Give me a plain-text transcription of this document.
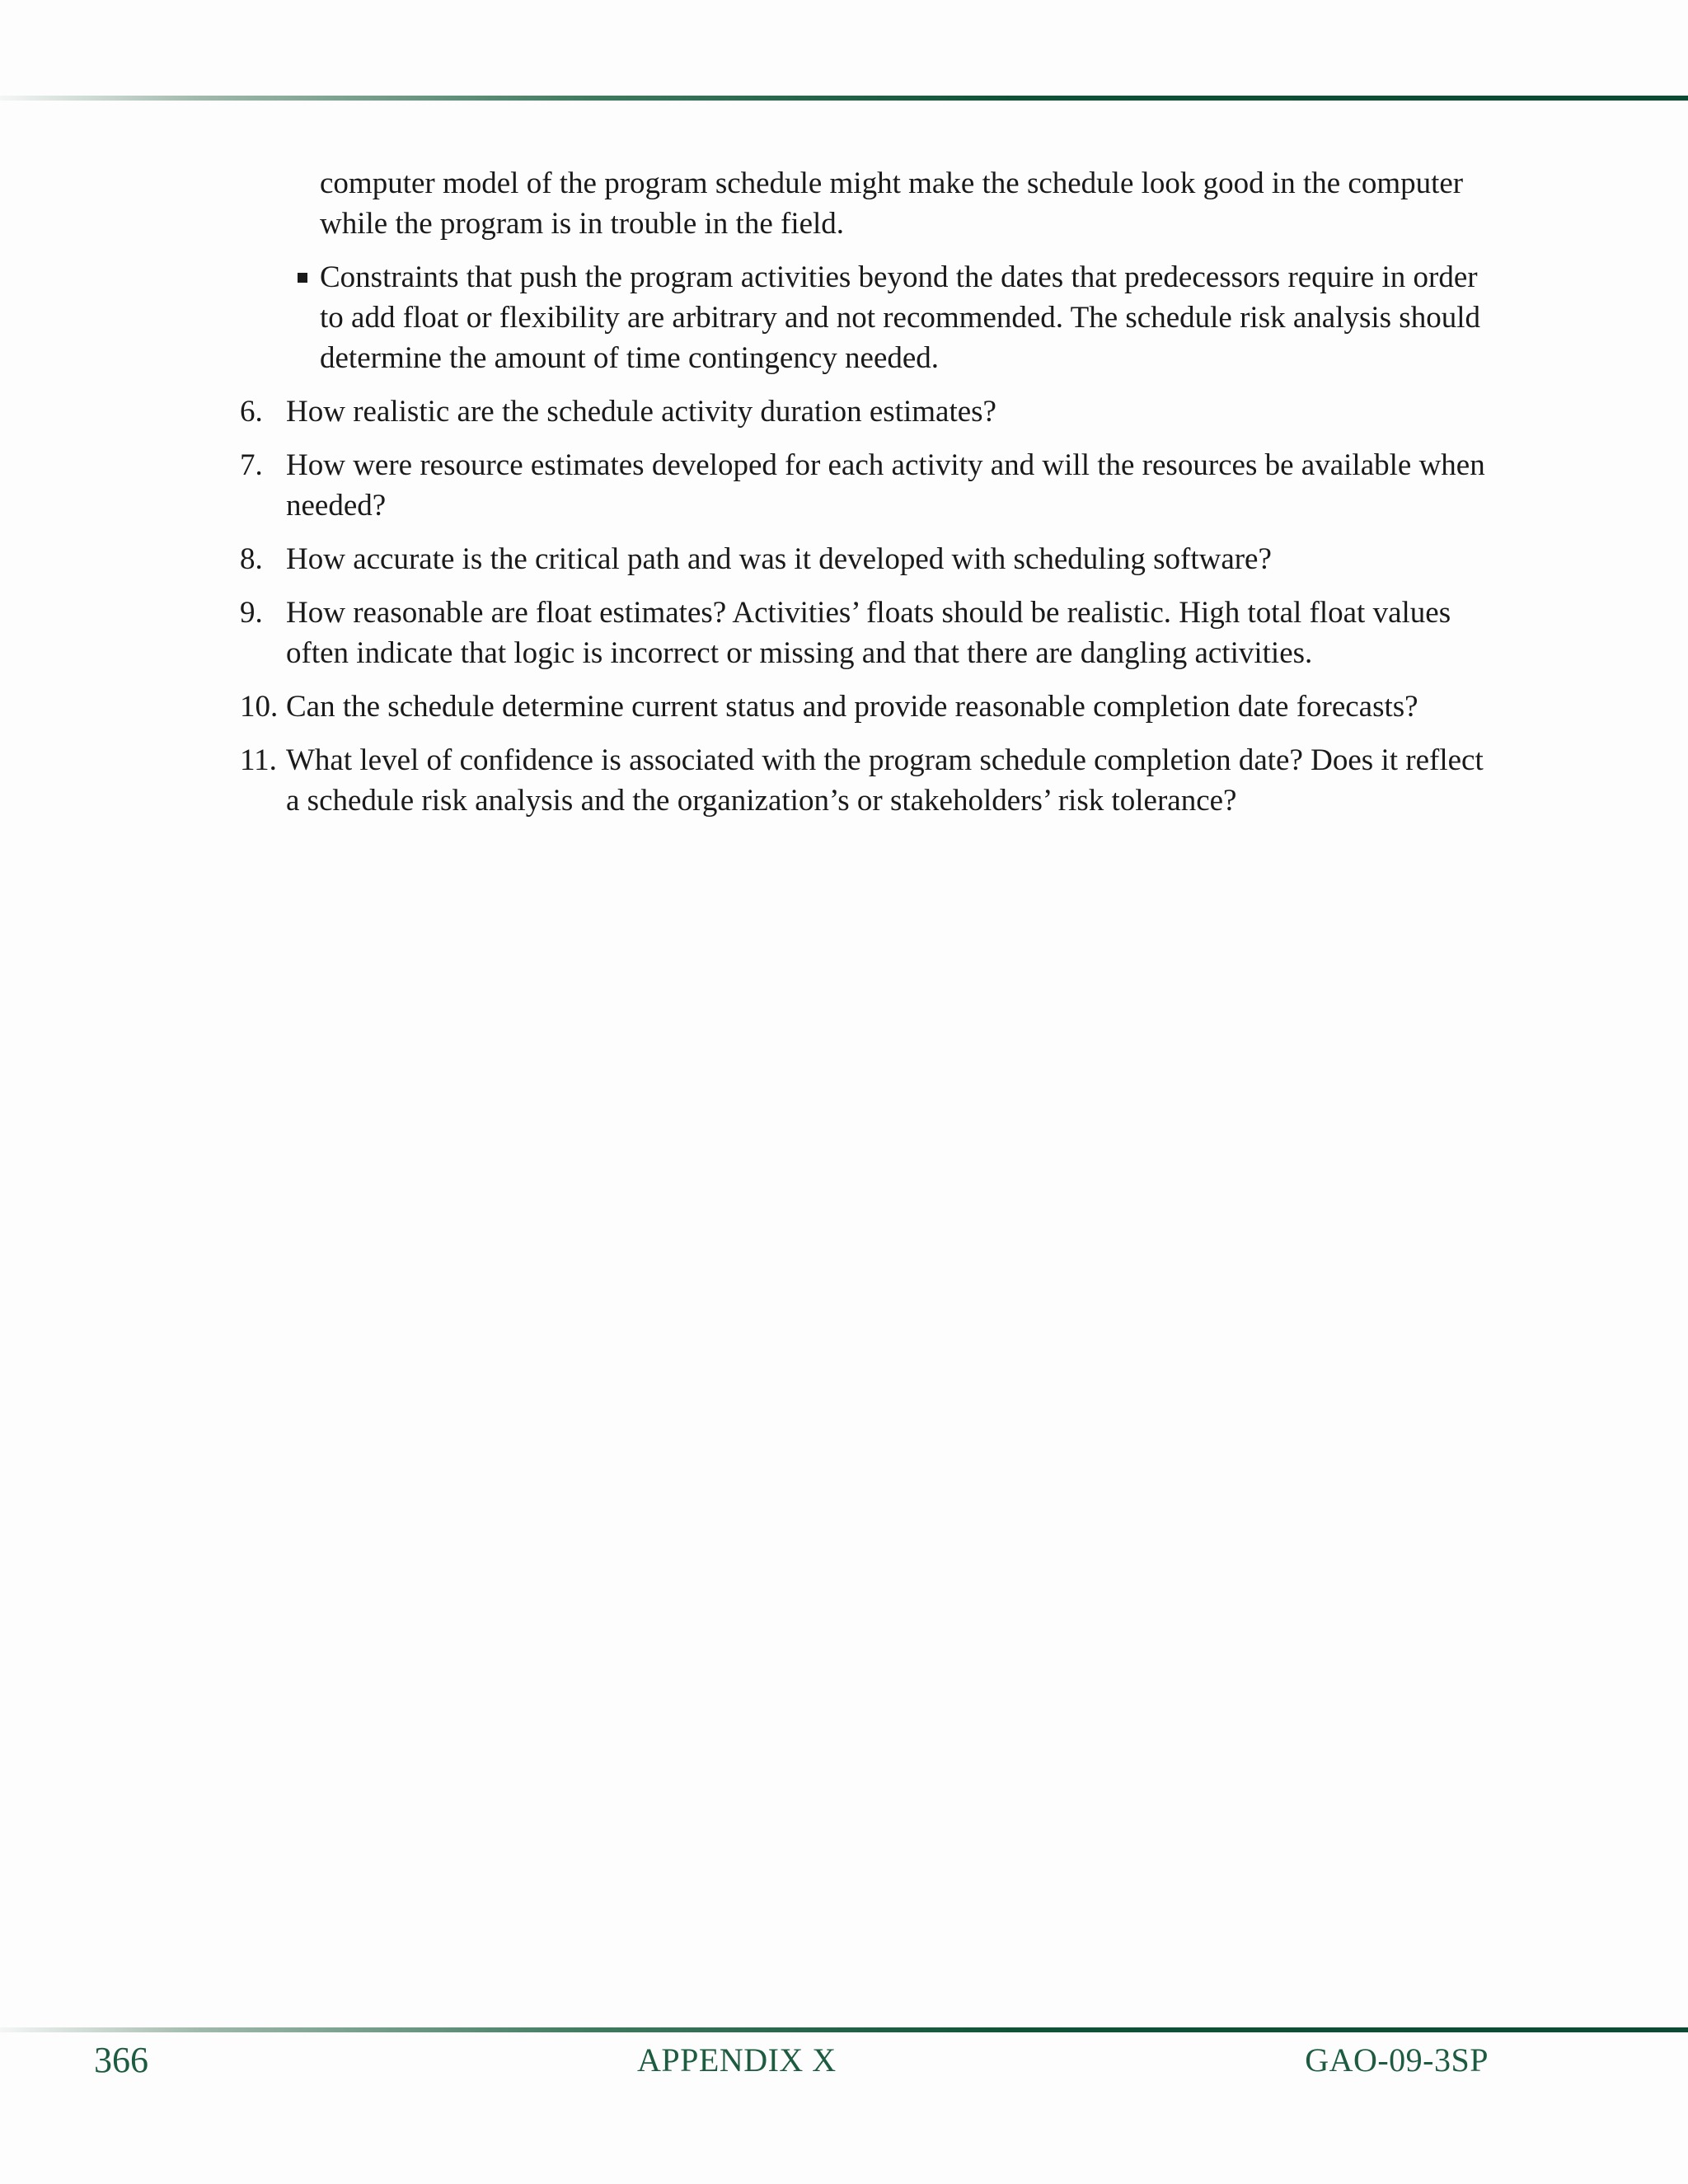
computer model of the program schedule might make the schedule look good in the computer while the program is in trouble in the field.
Constraints that push the program activities beyond the dates that predecessors require in order to add float or flexibility are arbitrary and not recommended. The schedule risk analysis should determine the amount of time contingency needed.
6. How realistic are the schedule activity duration estimates?
7. How were resource estimates developed for each activity and will the resources be available when needed?
8. How accurate is the critical path and was it developed with scheduling software?
9. How reasonable are float estimates? Activities’ floats should be realistic. High total float values often indicate that logic is incorrect or missing and that there are dangling activities.
10. Can the schedule determine current status and provide reasonable completion date forecasts?
11. What level of confidence is associated with the program schedule completion date? Does it reflect a schedule risk analysis and the organization’s or stakeholders’ risk tolerance?
366	APPENDIX X	GAO-09-3SP
